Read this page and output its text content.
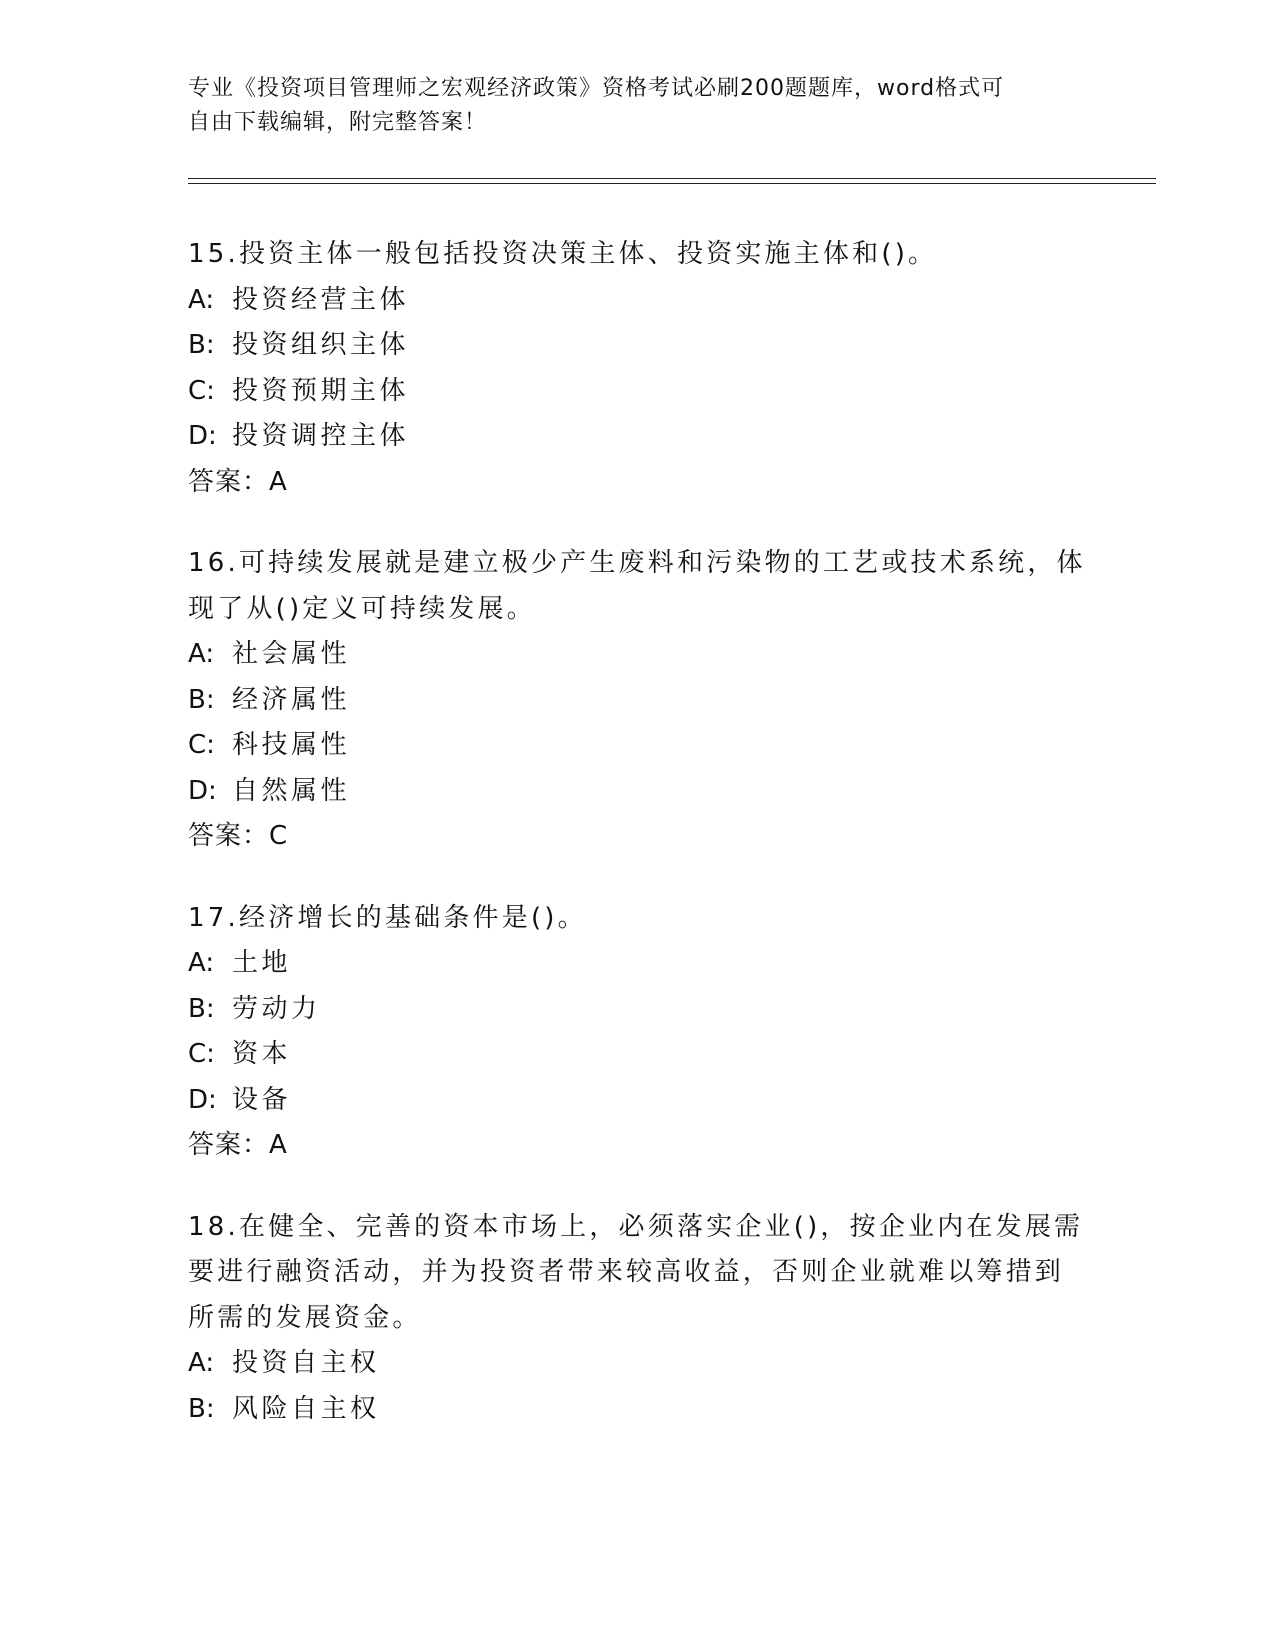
专业《投资项目管理师之宏观经济政策》资格考试必刷200题题库，word格式可
自由下载编辑，附完整答案！
15.投资主体一般包括投资决策主体、投资实施主体和()。
A: 投资经营主体
B: 投资组织主体
C: 投资预期主体
D: 投资调控主体
答案：A
16.可持续发展就是建立极少产生废料和污染物的工艺或技术系统，体
现了从()定义可持续发展。
A: 社会属性
B: 经济属性
C: 科技属性
D: 自然属性
答案：C
17.经济增长的基础条件是()。
A: 土地
B: 劳动力
C: 资本
D: 设备
答案：A
18.在健全、完善的资本市场上，必须落实企业()，按企业内在发展需
要进行融资活动，并为投资者带来较高收益，否则企业就难以筹措到
所需的发展资金。
A: 投资自主权
B: 风险自主权
